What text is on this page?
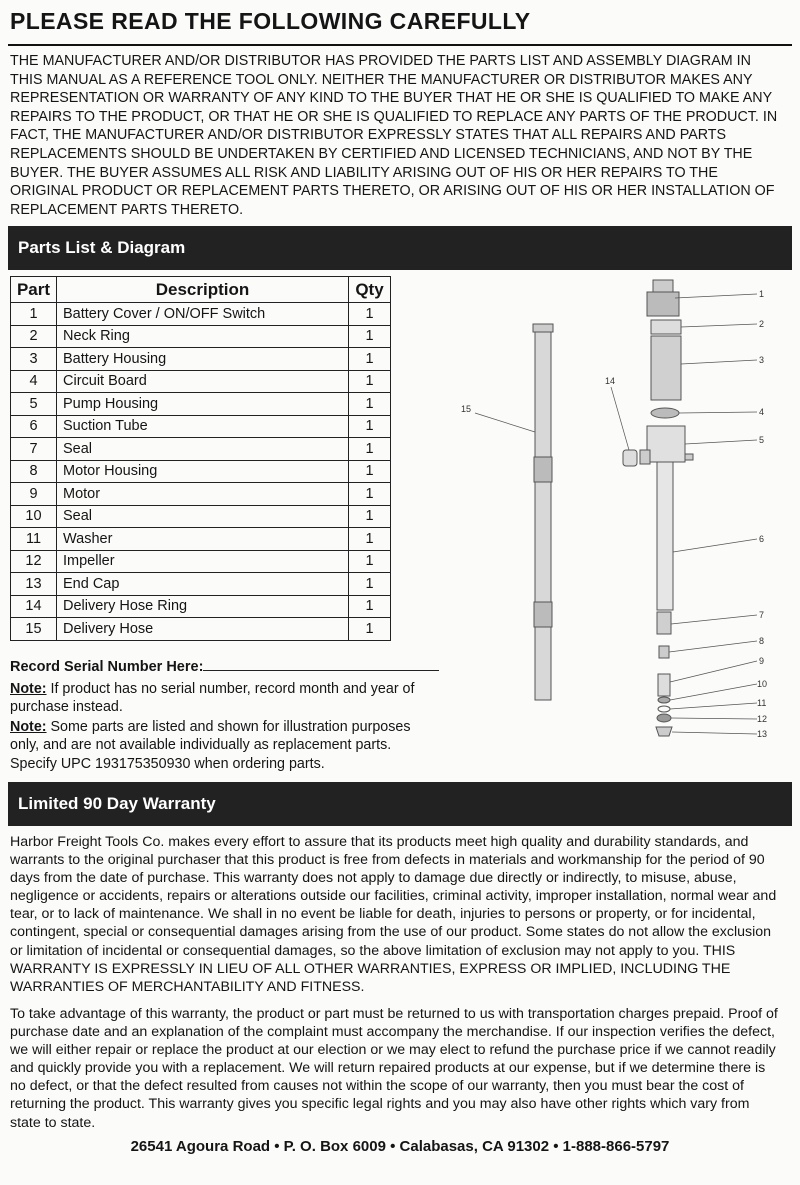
PLEASE READ THE FOLLOWING CAREFULLY

THE MANUFACTURER AND/OR DISTRIBUTOR HAS PROVIDED THE PARTS LIST AND ASSEMBLY DIAGRAM IN THIS MANUAL AS A REFERENCE TOOL ONLY. NEITHER THE MANUFACTURER OR DISTRIBUTOR MAKES ANY REPRESENTATION OR WARRANTY OF ANY KIND TO THE BUYER THAT HE OR SHE IS QUALIFIED TO MAKE ANY REPAIRS TO THE PRODUCT, OR THAT HE OR SHE IS QUALIFIED TO REPLACE ANY PARTS OF THE PRODUCT. IN FACT, THE MANUFACTURER AND/OR DISTRIBUTOR EXPRESSLY STATES THAT ALL REPAIRS AND PARTS REPLACEMENTS SHOULD BE UNDERTAKEN BY CERTIFIED AND LICENSED TECHNICIANS, AND NOT BY THE BUYER. THE BUYER ASSUMES ALL RISK AND LIABILITY ARISING OUT OF HIS OR HER REPAIRS TO THE ORIGINAL PRODUCT OR REPLACEMENT PARTS THERETO, OR ARISING OUT OF HIS OR HER INSTALLATION OF REPLACEMENT PARTS THERETO.

Parts List & Diagram
Part	Description	Qty
1	Battery Cover / ON/OFF Switch	1
2	Neck Ring	1
3	Battery Housing	1
4	Circuit Board	1
5	Pump Housing	1
6	Suction Tube	1
7	Seal	1
8	Motor Housing	1
9	Motor	1
10	Seal	1
11	Washer	1
12	Impeller	1
13	End Cap	1
14	Delivery Hose Ring	1
15	Delivery Hose	1
Record Serial Number Here:

Note: If product has no serial number, record month and year of purchase instead.

Note: Some parts are listed and shown for illustration purposes only, and are not available individually as replacement parts. Specify UPC 193175350930 when ordering parts.

1
2
3
4
5
6
7
8
9
10
11
12
13
14
15
Limited 90 Day Warranty

Harbor Freight Tools Co. makes every effort to assure that its products meet high quality and durability standards, and warrants to the original purchaser that this product is free from defects in materials and workmanship for the period of 90 days from the date of purchase. This warranty does not apply to damage due directly or indirectly, to misuse, abuse, negligence or accidents, repairs or alterations outside our facilities, criminal activity, improper installation, normal wear and tear, or to lack of maintenance. We shall in no event be liable for death, injuries to persons or property, or for incidental, contingent, special or consequential damages arising from the use of our product. Some states do not allow the exclusion or limitation of incidental or consequential damages, so the above limitation of exclusion may not apply to you. THIS WARRANTY IS EXPRESSLY IN LIEU OF ALL OTHER WARRANTIES, EXPRESS OR IMPLIED, INCLUDING THE WARRANTIES OF MERCHANTABILITY AND FITNESS.

To take advantage of this warranty, the product or part must be returned to us with transportation charges prepaid. Proof of purchase date and an explanation of the complaint must accompany the merchandise. If our inspection verifies the defect, we will either repair or replace the product at our election or we may elect to refund the purchase price if we cannot readily and quickly provide you with a replacement. We will return repaired products at our expense, but if we determine there is no defect, or that the defect resulted from causes not within the scope of our warranty, then you must bear the cost of returning the product. This warranty gives you specific legal rights and you may also have other rights which vary from state to state.

26541 Agoura Road • P. O. Box 6009 • Calabasas, CA 91302 • 1-888-866-5797
